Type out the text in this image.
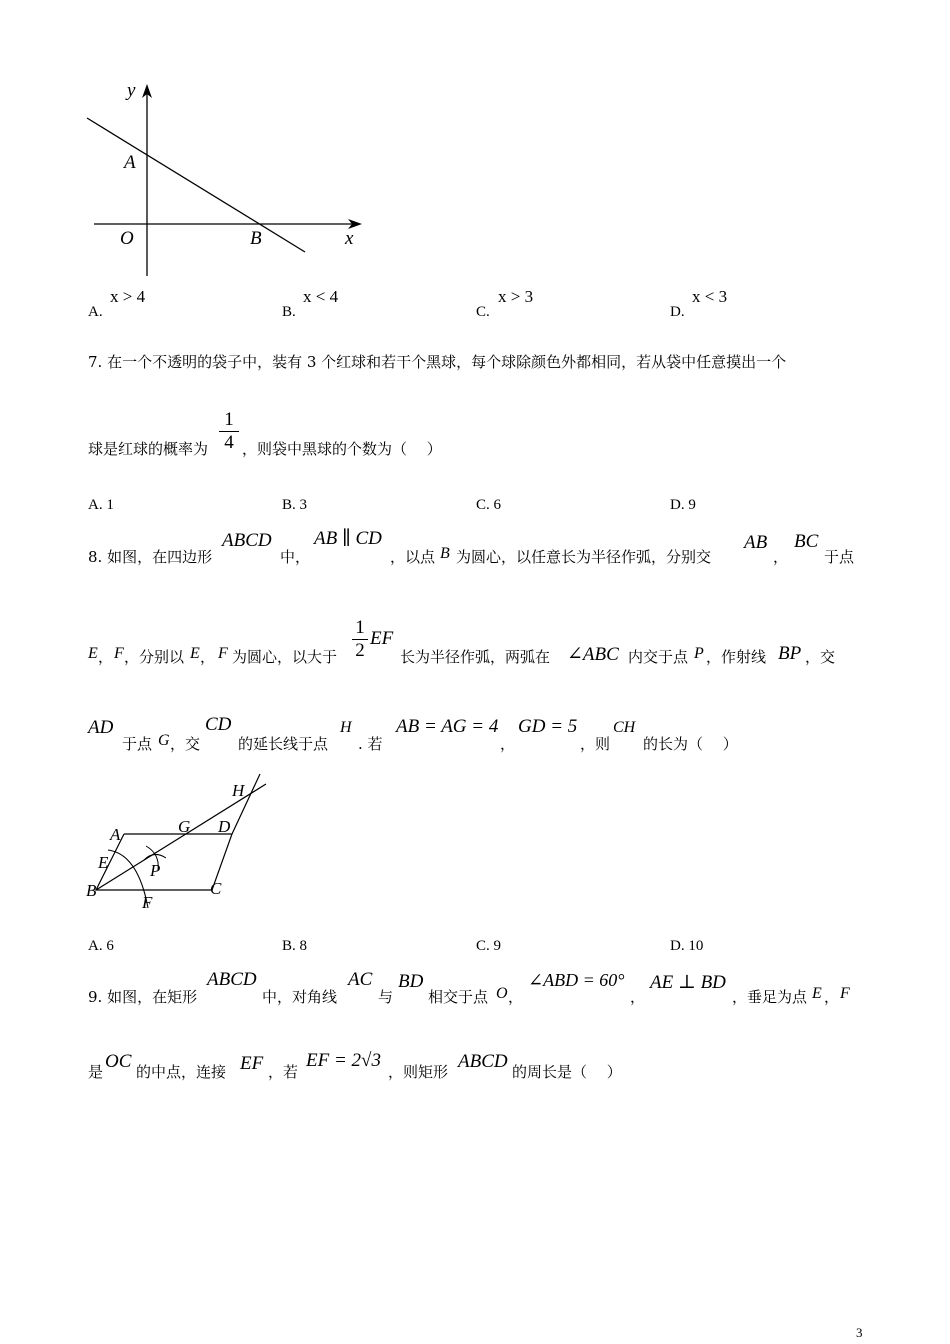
y
x
O
A
B
A.
x > 4
B.
x < 4
C.
x > 3
D.
x < 3
7. 在一个不透明的袋子中，装有 3 个红球和若干个黑球，每个球除颜色外都相同，若从袋中任意摸出一个
球是红球的概率为 $\frac{1}{4}$ ，则袋中黑球的个数为（　 ）
A. 1	B. 3	C. 6	D. 9
8. 如图，在四边形
ABCD
中，
AB ∥ CD
，以点 B 为圆心，以任意长为半径作弧，分别交
AB
，
BC
于点
E ， F ，分别以 E ， F 为圆心，以大于 $\frac{1}{2}$ EF
长为半径作弧，两弧在 ∠ABC 内交于点 P ，作射线 BP ，交
AD
于点 G ，交
CD
的延长线于点
H
. 若
AB = AG = 4
，
GD = 5
，则
CH
的长为（　 ）
H
A	G D
E P
B	C
F
A. 6	B. 8	C. 9	D. 10
9. 如图，在矩形
ABCD
中，对角线
AC
与
BD
相交于点 O ，
∠ABD = 60°
，
AE ⊥ BD
，垂足为点 E ， F
是 OC 的中点，连接 EF ，若
EF = 2√3
，则矩形 ABCD 的周长是（　 ）
3
